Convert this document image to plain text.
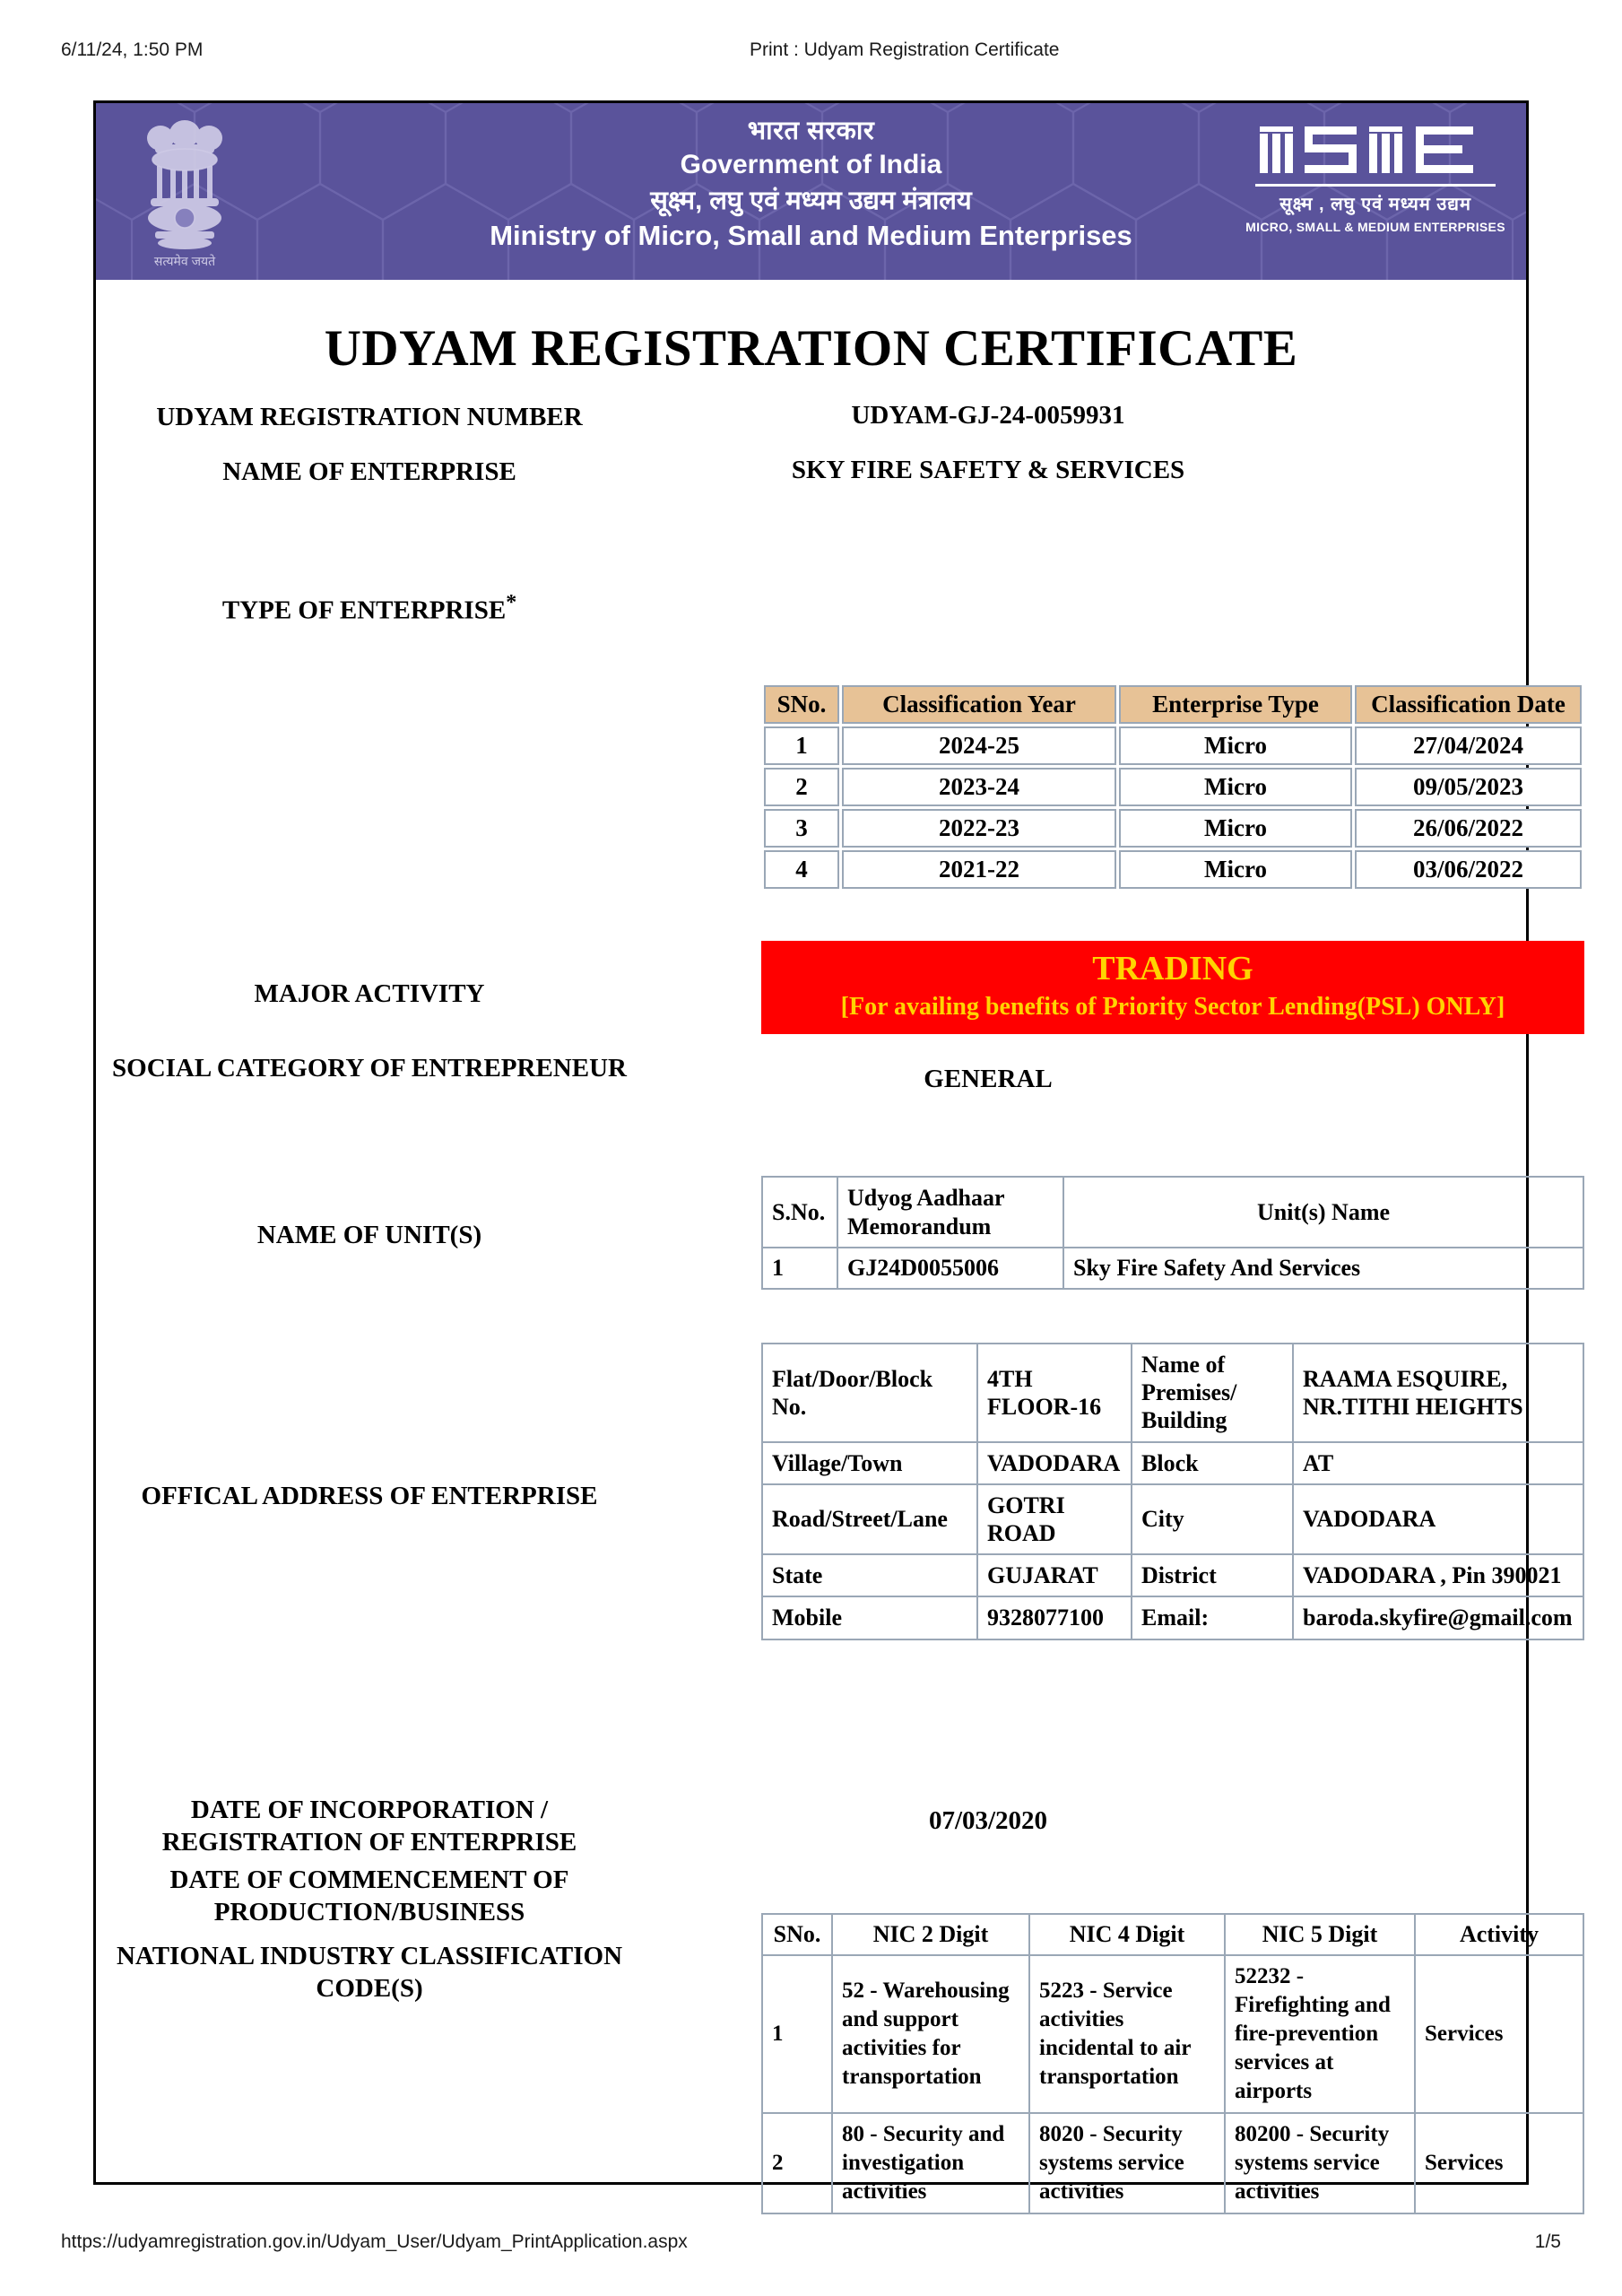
6/11/24, 1:50 PM	Print : Udyam Registration Certificate
सत्यमेव जयते
भारत सरकार
Government of India
सूक्ष्म, लघु एवं मध्यम उद्यम मंत्रालय
Ministry of Micro, Small and Medium Enterprises
सूक्ष्म , लघु एवं मध्यम उद्यम
MICRO, SMALL & MEDIUM ENTERPRISES
UDYAM REGISTRATION CERTIFICATE
UDYAM REGISTRATION NUMBER	UDYAM-GJ-24-0059931
NAME OF ENTERPRISE	SKY FIRE SAFETY & SERVICES
TYPE OF ENTERPRISE*
SNo.	Classification Year	Enterprise Type	Classification Date
1	2024-25	Micro	27/04/2024
2	2023-24	Micro	09/05/2023
3	2022-23	Micro	26/06/2022
4	2021-22	Micro	03/06/2022
MAJOR ACTIVITY
TRADING
[For availing benefits of Priority Sector Lending(PSL) ONLY]
SOCIAL CATEGORY OF ENTREPRENEUR	GENERAL
NAME OF UNIT(S)
S.No.	Udyog Aadhaar Memorandum	Unit(s) Name
1	GJ24D0055006	Sky Fire Safety And Services
OFFICAL ADDRESS OF ENTERPRISE
Flat/Door/Block No.	4TH FLOOR-16	Name of Premises/ Building	RAAMA ESQUIRE, NR.TITHI HEIGHTS
Village/Town	VADODARA	Block	AT
Road/Street/Lane	GOTRI ROAD	City	VADODARA
State	GUJARAT	District	VADODARA , Pin 390021
Mobile	9328077100	Email:	baroda.skyfire@gmail.com
DATE OF INCORPORATION / REGISTRATION OF ENTERPRISE
07/03/2020
DATE OF COMMENCEMENT OF PRODUCTION/BUSINESS
NATIONAL INDUSTRY CLASSIFICATION CODE(S)
SNo.	NIC 2 Digit	NIC 4 Digit	NIC 5 Digit	Activity
1	52 - Warehousing and support activities for transportation	5223 - Service activities incidental to air transportation	52232 - Firefighting and fire-prevention services at airports	Services
2	80 - Security and investigation activities	8020 - Security systems service activities	80200 - Security systems service activities	Services
https://udyamregistration.gov.in/Udyam_User/Udyam_PrintApplication.aspx	1/5
